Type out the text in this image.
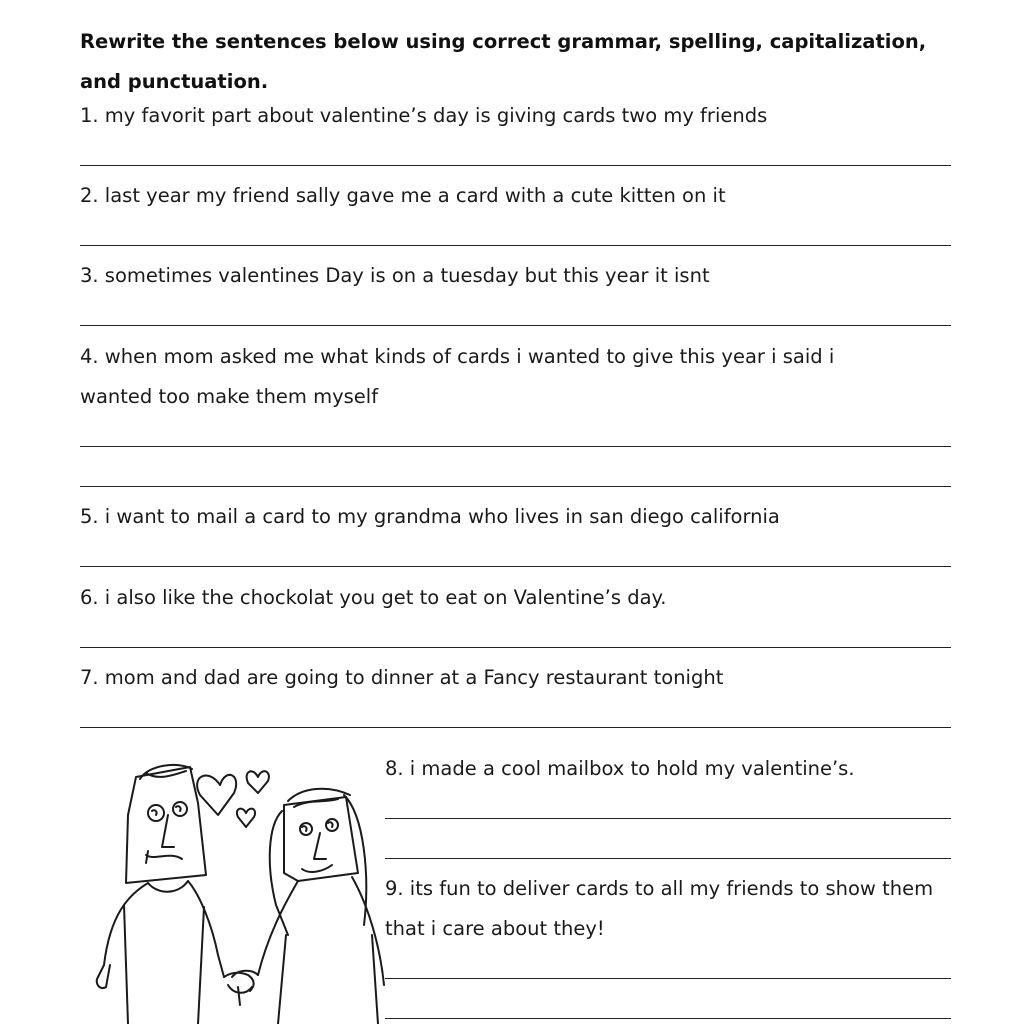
Rewrite the sentences below using correct grammar, spelling, capitalization,
and punctuation.

1. my favorit part about valentine’s day is giving cards two my friends

2. last year my friend sally gave me a card with a cute kitten on it

3. sometimes valentines Day is on a tuesday but this year it isnt

4. when mom asked me what kinds of cards i wanted to give this year i said i

wanted too make them myself

5. i want to mail a card to my grandma who lives in san diego california

6. i also like the chockolat you get to eat on Valentine’s day.

7. mom and dad are going to dinner at a Fancy restaurant tonight

8. i made a cool mailbox to hold my valentine’s.

9. its fun to deliver cards to all my friends to show them

that i care about they!
